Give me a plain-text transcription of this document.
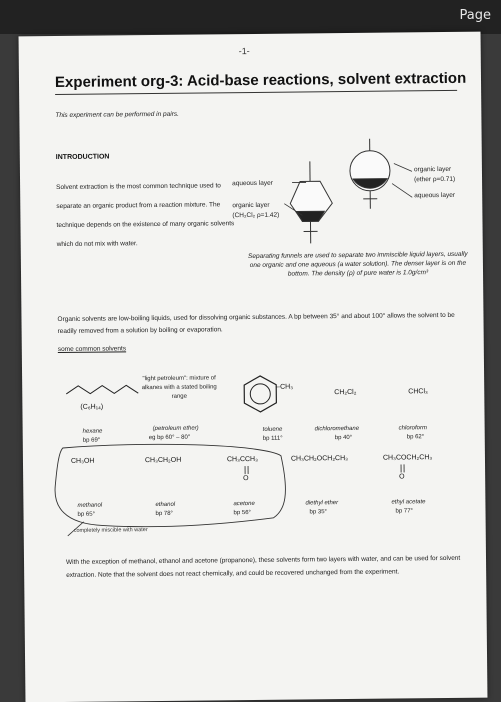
Page
-1-
Experiment org-3: Acid-base reactions, solvent extraction
This experiment can be performed in pairs.
INTRODUCTION
Solvent extraction is the most common technique used to separate an organic product from a reaction mixture. The technique depends on the existence of many organic solvents which do not mix with water.
aqueous layer
organic layer
(CH₂Cl₂ ρ=1.42)
organic layer
(ether ρ=0.71)
aqueous layer
Separating funnels are used to separate two immiscible liquid layers, usually one organic and one aqueous (a water solution). The denser layer is on the bottom. The density (ρ) of pure water is 1.0g/cm³
Organic solvents are low-boiling liquids, used for dissolving organic substances. A bp between 35° and about 100° allows the solvent to be readily removed from a solution by boiling or evaporation.
some common solvents
(C₆H₁₄)
hexane
bp 69°
"light petroleum": mixture of alkanes with a stated boiling range
(petroleum ether)
eg bp 60° – 80°
–CH₃
toluene
bp 111°
CH₂Cl₂
dichloromethane
bp 40°
CHCl₃
chloroform
bp 62°
CH₃OH	CH₃CH₂OH	CH₃CCH₃	CH₃CH₂OCH₂CH₃	CH₃COCH₂CH₃
O	O
methanol
bp 65°
ethanol
bp 78°
acetone
bp 56°
diethyl ether
bp 35°
ethyl acetate
bp 77°
completely miscible with water
With the exception of methanol, ethanol and acetone (propanone), these solvents form two layers with water, and can be used for solvent extraction. Note that the solvent does not react chemically, and could be recovered unchanged from the experiment.
